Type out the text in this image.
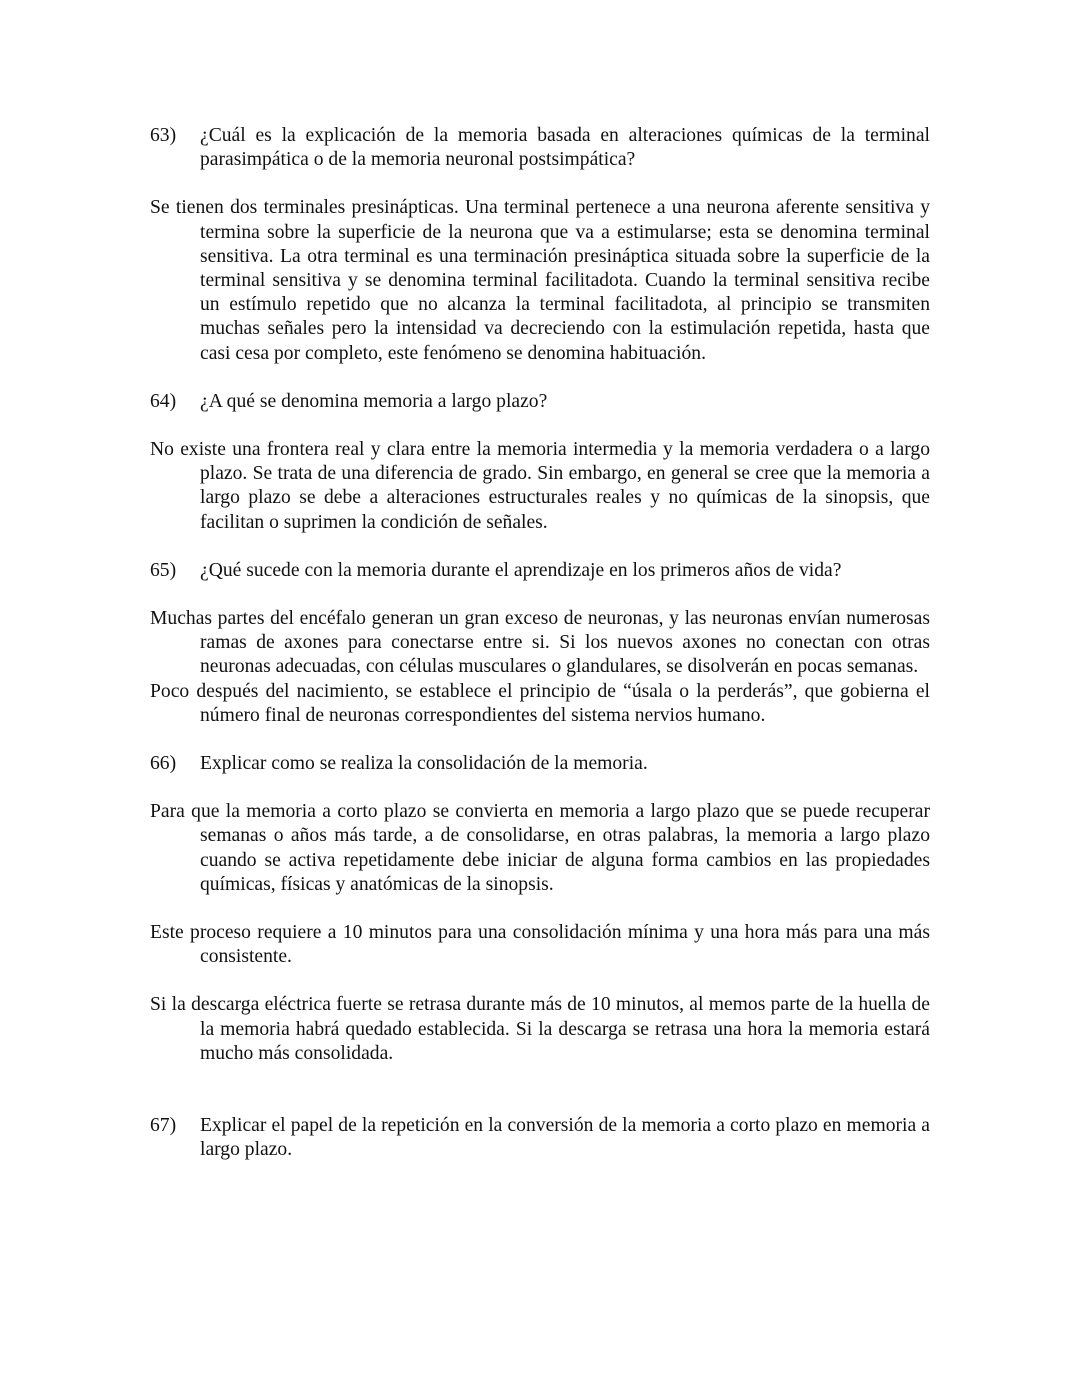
63)	¿Cuál es la explicación de la memoria basada en alteraciones químicas de la terminal parasimpática o de la memoria neuronal postsimpática?
Se tienen dos terminales presinápticas. Una terminal pertenece a una neurona aferente sensitiva y termina sobre la superficie de la neurona que va a estimularse; esta se denomina terminal sensitiva. La otra terminal es una terminación presináptica situada sobre la superficie de la terminal sensitiva y se denomina terminal facilitadota. Cuando la terminal sensitiva recibe un estímulo repetido que no alcanza la terminal facilitadota, al principio se transmiten muchas señales pero la intensidad va decreciendo con la estimulación repetida, hasta que casi cesa por completo, este fenómeno se denomina habituación.
64)	¿A qué se denomina memoria a largo plazo?
No existe una frontera real y clara entre la memoria intermedia y la memoria verdadera o a largo plazo. Se trata de una diferencia de grado. Sin embargo, en general se cree que la memoria a largo plazo se debe a alteraciones estructurales reales y no químicas de la sinopsis, que facilitan o suprimen la condición de señales.
65)	¿Qué sucede con la memoria durante el aprendizaje en los primeros años de vida?
Muchas partes del encéfalo generan un gran exceso de neuronas, y las neuronas envían numerosas ramas de axones para conectarse entre si. Si los nuevos axones no conectan con otras neuronas adecuadas, con células musculares o glandulares, se disolverán en pocas semanas.
Poco después del nacimiento, se establece el principio de “úsala o la perderás”, que gobierna el número final de neuronas correspondientes del sistema nervios humano.
66)	Explicar como se realiza la consolidación de la memoria.
Para que la memoria a corto plazo se convierta en memoria a largo plazo que se puede recuperar semanas o años más tarde, a de consolidarse, en otras palabras, la memoria a largo plazo cuando se activa repetidamente debe iniciar de alguna forma cambios en las propiedades químicas, físicas y anatómicas de la sinopsis.
Este proceso requiere a 10 minutos para una consolidación mínima y una hora más para una más consistente.
Si la descarga eléctrica fuerte se retrasa durante más de 10 minutos, al memos parte de la huella de la memoria habrá quedado establecida. Si la descarga se retrasa una hora la memoria estará mucho más consolidada.
67)	Explicar el papel de la repetición en la conversión de la memoria a corto plazo en memoria a largo plazo.
